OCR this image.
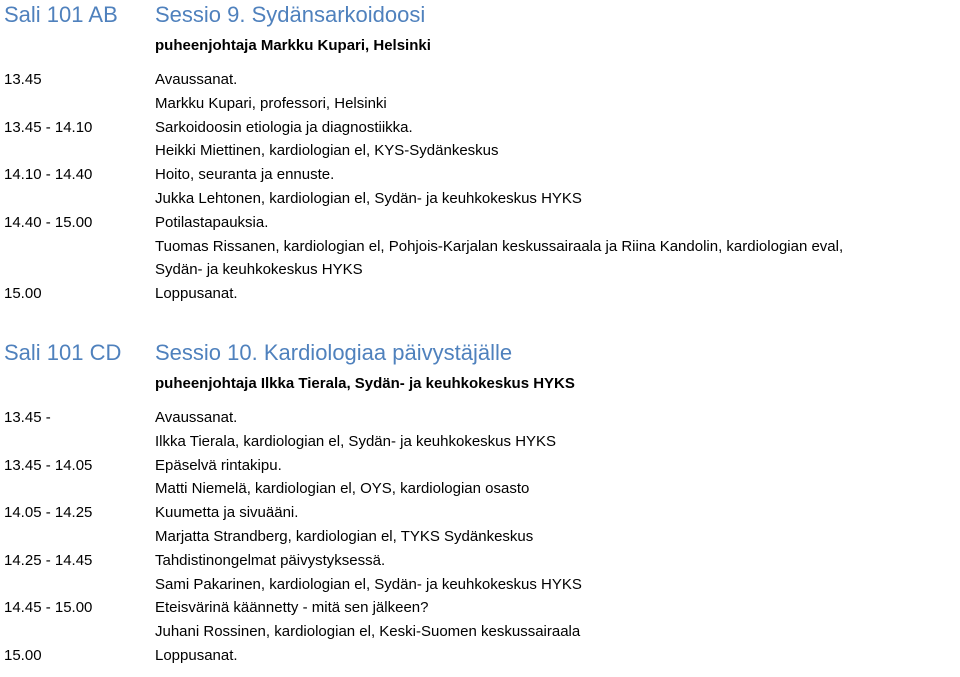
Sali 101 AB	Sessio 9. Sydänsarkoidoosi
puheenjohtaja Markku Kupari, Helsinki
13.45	Avaussanat.
Markku Kupari, professori, Helsinki
13.45 - 14.10	Sarkoidoosin etiologia ja diagnostiikka.
Heikki Miettinen, kardiologian el, KYS-Sydänkeskus
14.10 - 14.40	Hoito, seuranta ja ennuste.
Jukka Lehtonen, kardiologian el, Sydän- ja keuhkokeskus HYKS
14.40 - 15.00	Potilastapauksia.
Tuomas Rissanen, kardiologian el, Pohjois-Karjalan keskussairaala ja Riina Kandolin, kardiologian eval,
Sydän- ja keuhkokeskus HYKS
15.00	Loppusanat.
Sali 101 CD	Sessio 10. Kardiologiaa päivystäjälle
puheenjohtaja Ilkka Tierala, Sydän- ja keuhkokeskus HYKS
13.45 -	Avaussanat.
Ilkka Tierala, kardiologian el, Sydän- ja keuhkokeskus HYKS
13.45 - 14.05	Epäselvä rintakipu.
Matti Niemelä, kardiologian el, OYS, kardiologian osasto
14.05 - 14.25	Kuumetta ja sivuääni.
Marjatta Strandberg, kardiologian el, TYKS Sydänkeskus
14.25 - 14.45	Tahdistinongelmat päivystyksessä.
Sami Pakarinen, kardiologian el, Sydän- ja keuhkokeskus HYKS
14.45 - 15.00	Eteisvärinä käännetty - mitä sen jälkeen?
Juhani Rossinen, kardiologian el, Keski-Suomen keskussairaala
15.00	Loppusanat.
